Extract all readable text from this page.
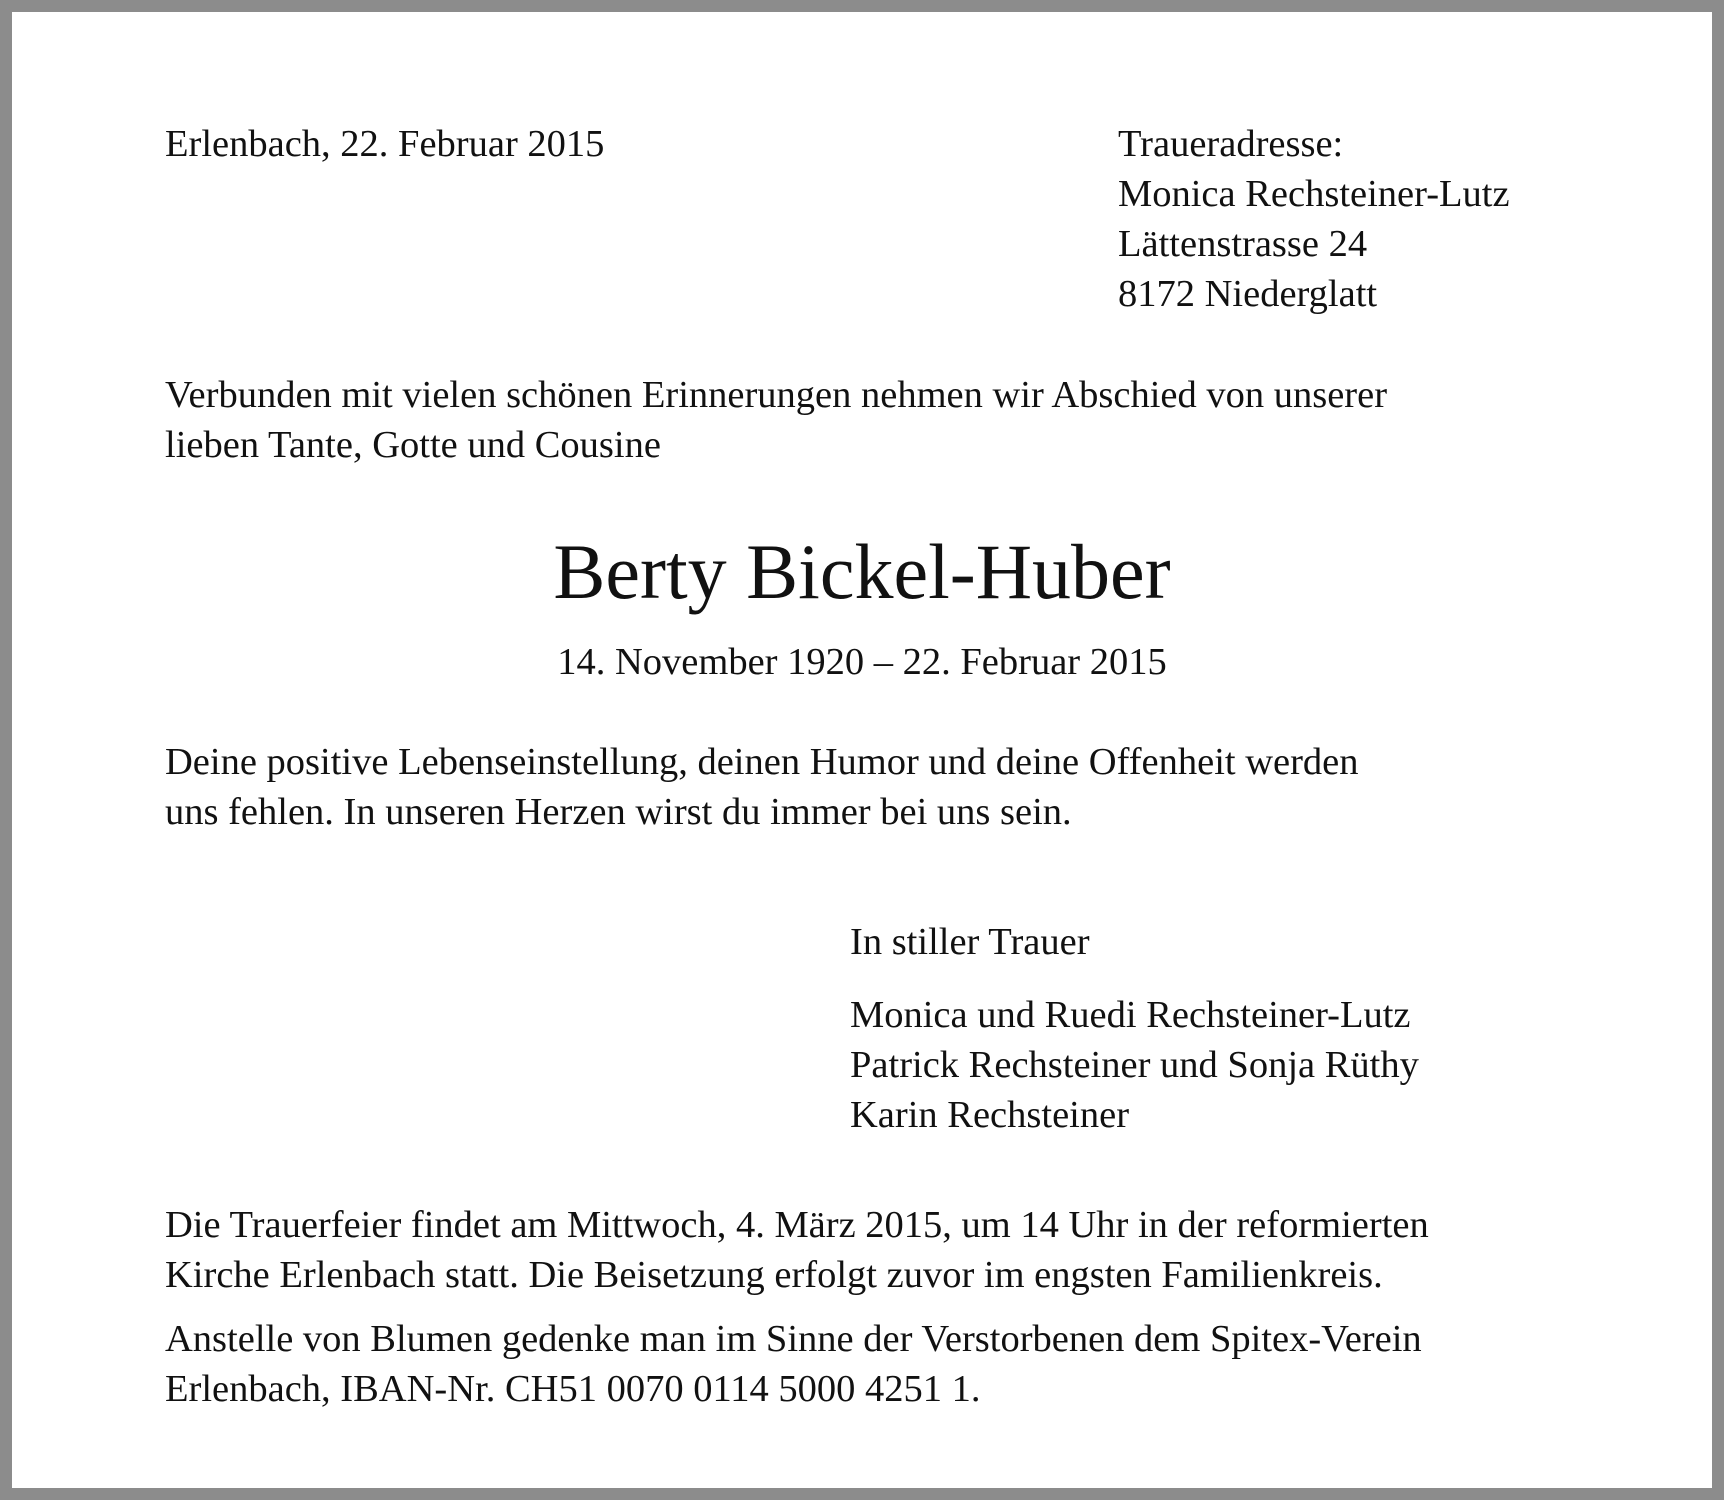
Erlenbach, 22. Februar 2015	Traueradresse:
Monica Rechsteiner-Lutz
Lättenstrasse 24
8172 Niederglatt
Verbunden mit vielen schönen Erinnerungen nehmen wir Abschied von unserer
lieben Tante, Gotte und Cousine
Berty Bickel-Huber
14. November 1920 – 22. Februar 2015
Deine positive Lebenseinstellung, deinen Humor und deine Offenheit werden
uns fehlen. In unseren Herzen wirst du immer bei uns sein.
In stiller Trauer
Monica und Ruedi Rechsteiner-Lutz
Patrick Rechsteiner und Sonja Rüthy
Karin Rechsteiner
Die Trauerfeier findet am Mittwoch, 4. März 2015, um 14 Uhr in der reformierten
Kirche Erlenbach statt. Die Beisetzung erfolgt zuvor im engsten Familienkreis.
Anstelle von Blumen gedenke man im Sinne der Verstorbenen dem Spitex-Verein
Erlenbach, IBAN-Nr. CH51 0070 0114 5000 4251 1.
